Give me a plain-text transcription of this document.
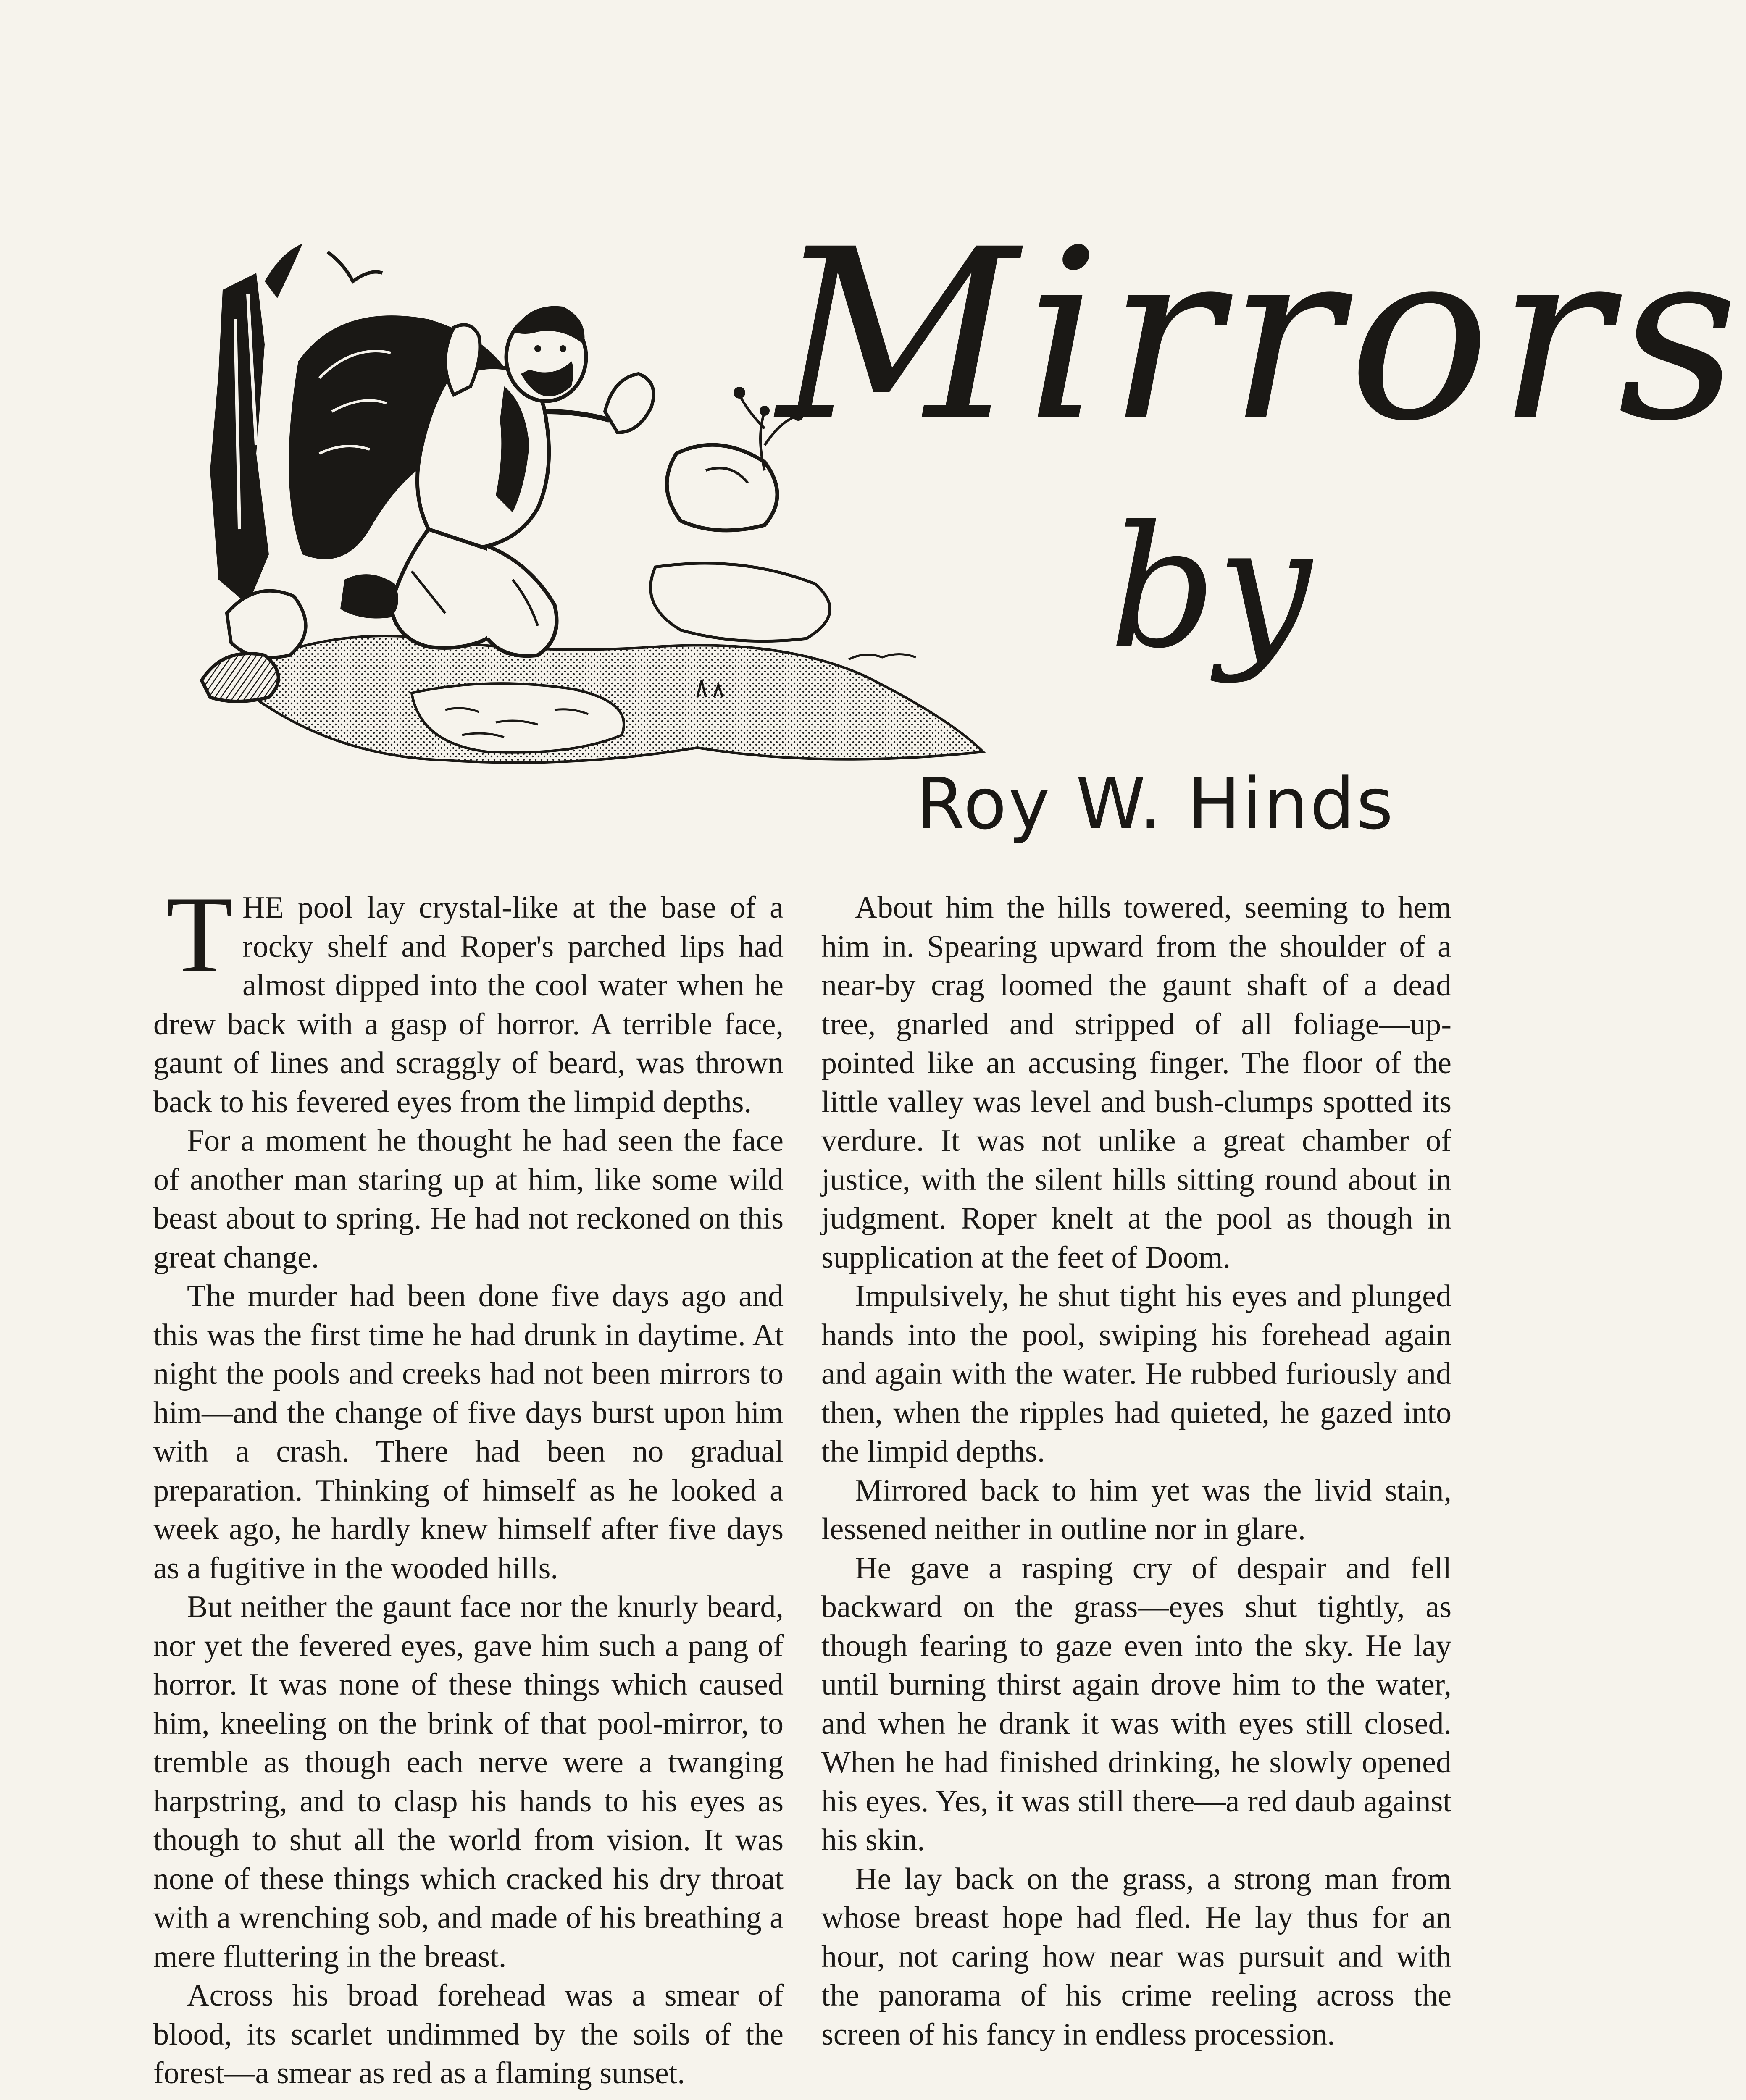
Mirrors
by
Roy W. Hinds

THE pool lay crystal-like at the base of a rocky shelf and Roper's parched lips had almost dipped into the cool water when he drew back with a gasp of horror. A terrible face, gaunt of lines and scraggly of beard, was thrown back to his fevered eyes from the limpid depths.

For a moment he thought he had seen the face of another man staring up at him, like some wild beast about to spring. He had not reckoned on this great change.

The murder had been done five days ago and this was the first time he had drunk in daytime. At night the pools and creeks had not been mirrors to him—and the change of five days burst upon him with a crash. There had been no gradual preparation. Thinking of himself as he looked a week ago, he hardly knew himself after five days as a fugitive in the wooded hills.

But neither the gaunt face nor the knurly beard, nor yet the fevered eyes, gave him such a pang of horror. It was none of these things which caused him, kneeling on the brink of that pool-mirror, to tremble as though each nerve were a twanging harpstring, and to clasp his hands to his eyes as though to shut all the world from vision. It was none of these things which cracked his dry throat with a wrenching sob, and made of his breathing a mere fluttering in the breast.

Across his broad forehead was a smear of blood, its scarlet undimmed by the soils of the forest—a smear as red as a flaming sunset.

About him the hills towered, seeming to hem him in. Spearing upward from the shoulder of a near-by crag loomed the gaunt shaft of a dead tree, gnarled and stripped of all foliage—up-pointed like an accusing finger. The floor of the little valley was level and bush-clumps spotted its verdure. It was not unlike a great chamber of justice, with the silent hills sitting round about in judgment. Roper knelt at the pool as though in supplication at the feet of Doom.

Impulsively, he shut tight his eyes and plunged hands into the pool, swiping his forehead again and again with the water. He rubbed furiously and then, when the ripples had quieted, he gazed into the limpid depths.

Mirrored back to him yet was the livid stain, lessened neither in outline nor in glare.

He gave a rasping cry of despair and fell backward on the grass—eyes shut tightly, as though fearing to gaze even into the sky. He lay until burning thirst again drove him to the water, and when he drank it was with eyes still closed. When he had finished drinking, he slowly opened his eyes. Yes, it was still there—a red daub against his skin.

He lay back on the grass, a strong man from whose breast hope had fled. He lay thus for an hour, not caring how near was pursuit and with the panorama of his crime reeling across the screen of his fancy in endless procession.
